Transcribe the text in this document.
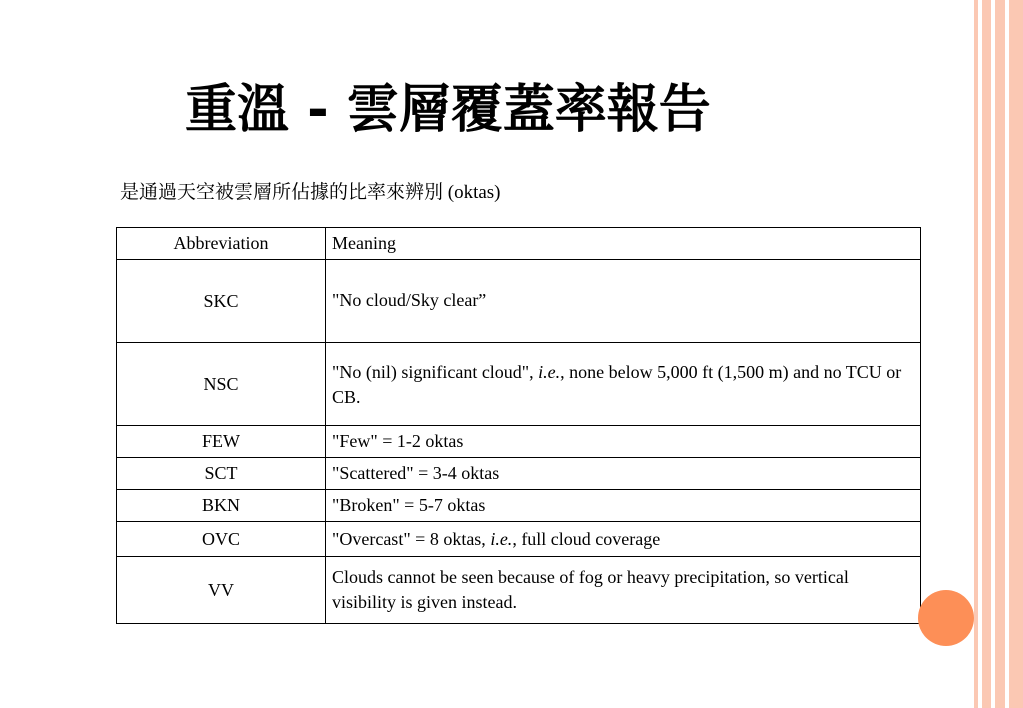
重溫 - 雲層覆蓋率報告
是通過天空被雲層所佔據的比率來辨別 (oktas)
Abbreviation	Meaning
SKC	"No cloud/Sky clear”
NSC	"No (nil) significant cloud", i.e., none below 5,000 ft (1,500 m) and no TCU or CB.
FEW	"Few" = 1-2 oktas
SCT	"Scattered" = 3-4 oktas
BKN	"Broken" = 5-7 oktas
OVC	"Overcast" = 8 oktas, i.e., full cloud coverage
VV	Clouds cannot be seen because of fog or heavy precipitation, so vertical visibility is given instead.
